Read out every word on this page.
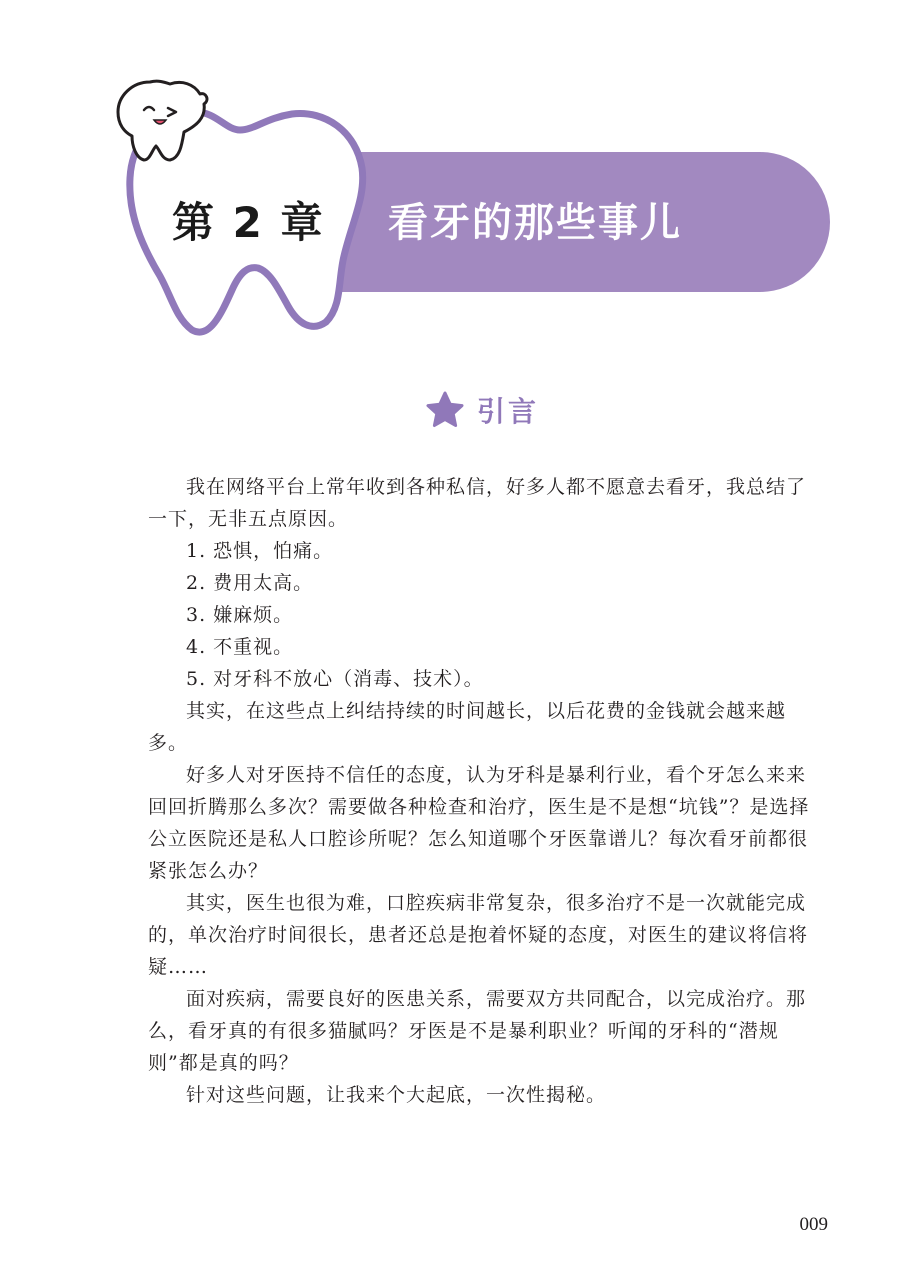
第 2 章 看牙的那些事儿
引言

我在网络平台上常年收到各种私信，好多人都不愿意去看牙，我总结了一下，无非五点原因。

1. 恐惧，怕痛。

2. 费用太高。

3. 嫌麻烦。

4. 不重视。

5. 对牙科不放心（消毒、技术）。

其实，在这些点上纠结持续的时间越长，以后花费的金钱就会越来越多。

好多人对牙医持不信任的态度，认为牙科是暴利行业，看个牙怎么来来回回折腾那么多次？需要做各种检查和治疗，医生是不是想“坑钱”？是选择公立医院还是私人口腔诊所呢？怎么知道哪个牙医靠谱儿？每次看牙前都很紧张怎么办？

其实，医生也很为难，口腔疾病非常复杂，很多治疗不是一次就能完成的，单次治疗时间很长，患者还总是抱着怀疑的态度，对医生的建议将信将疑……

面对疾病，需要良好的医患关系，需要双方共同配合，以完成治疗。那么，看牙真的有很多猫腻吗？牙医是不是暴利职业？听闻的牙科的“潜规则”都是真的吗？

针对这些问题，让我来个大起底，一次性揭秘。

009
